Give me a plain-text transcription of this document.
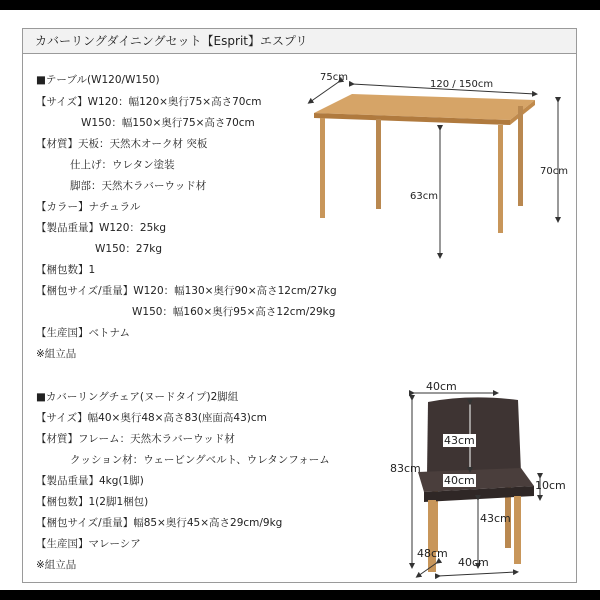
カバーリングダイニングセット【Esprit】エスプリ
■テーブル(W120/W150)
【サイズ】W120：幅120×奥行75×高さ70cm
W150：幅150×奥行75×高さ70cm
【材質】天板：天然木オーク材 突板
仕上げ：ウレタン塗装
脚部：天然木ラバーウッド材
【カラー】ナチュラル
【製品重量】W120：25kg
W150：27kg
【梱包数】1
【梱包サイズ/重量】W120：幅130×奥行90×高さ12cm/27kg
W150：幅160×奥行95×高さ12cm/29kg
【生産国】ベトナム
※組立品
■カバーリングチェア(ヌードタイプ)2脚組
【サイズ】幅40×奥行48×高さ83(座面高43)cm
【材質】フレーム：天然木ラバーウッド材
クッション材：ウェービングベルト、ウレタンフォーム
【製品重量】4kg(1脚)
【梱包数】1(2脚1梱包)
【梱包サイズ/重量】幅85×奥行45×高さ29cm/9kg
【生産国】マレーシア
※組立品
75cm
120 / 150cm
70cm
63cm
40cm
43cm
83cm
40cm	10cm
43cm
48cm
40cm
